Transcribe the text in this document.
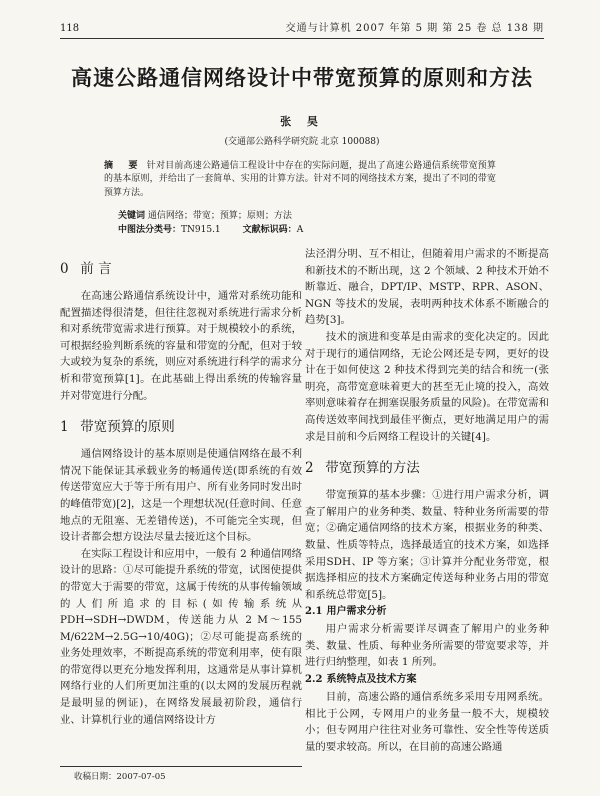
118	交通与计算机 2007 年第 5 期 第 25 卷 总 138 期
高速公路通信网络设计中带宽预算的原则和方法
张 昊
(交通部公路科学研究院 北京 100088)
摘 要 针对目前高速公路通信工程设计中存在的实际问题，提出了高速公路通信系统带宽预算的基本原则，并给出了一套简单、实用的计算方法。针对不同的网络技术方案，提出了不同的带宽预算方法。
关键词 通信网络；带宽；预算；原则；方法
中图法分类号：TN915.1 文献标识码：A
0 前 言

在高速公路通信系统设计中，通常对系统功能和配置描述得很清楚，但往往忽视对系统进行需求分析和对系统带宽需求进行预算。对于规模较小的系统，可根据经验判断系统的容量和带宽的分配，但对于较大或较为复杂的系统，则应对系统进行科学的需求分析和带宽预算[1]。在此基础上得出系统的传输容量并对带宽进行分配。

1 带宽预算的原则

通信网络设计的基本原则是使通信网络在最不利情况下能保证其承载业务的畅通传送(即系统的有效传送带宽应大于等于所有用户、所有业务同时发出时的峰值带宽)[2]，这是一个理想状况(任意时间、任意地点的无阻塞、无差错传送)，不可能完全实现，但设计者都会想方设法尽量去接近这个目标。

在实际工程设计和应用中，一般有 2 种通信网络设计的思路：①尽可能提升系统的带宽，试图使提供的带宽大于需要的带宽，这属于传统的从事传输领域的人们所追求的目标(如传输系统从 PDH→SDH→DWDM，传送能力从 2 M～155 M/622M→2.5G→10/40G)；②尽可能提高系统的业务处理效率，不断提高系统的带宽利用率，使有限的带宽得以更充分地发挥利用，这通常是从事计算机网络行业的人们所更加注重的(以太网的发展历程就是最明显的例证)，在网络发展最初阶段，通信行业、计算机行业的通信网络设计方

法泾渭分明、互不相让，但随着用户需求的不断提高和新技术的不断出现，这 2 个领域、2 种技术开始不断靠近、融合，DPT/IP、MSTP、RPR、ASON、NGN 等技术的发展，表明两种技术体系不断融合的趋势[3]。

技术的演进和变革是由需求的变化决定的。因此对于现行的通信网络，无论公网还是专网，更好的设计在于如何使这 2 种技术得到完美的结合和统一(张明亮，高带宽意味着更大的甚至无止境的投入，高效率则意味着存在拥塞误服务质量的风险)。在带宽需和高传送效率间找到最佳平衡点，更好地满足用户的需求是目前和今后网络工程设计的关键[4]。

2 带宽预算的方法

带宽预算的基本步骤：①进行用户需求分析，调查了解用户的业务种类、数量、特种业务所需要的带宽；②确定通信网络的技术方案，根据业务的种类、数量、性质等特点，选择最适宜的技术方案，如选择采用SDH、IP 等方案；③计算并分配业务带宽，根据选择相应的技术方案确定传送每种业务占用的带宽和系统总带宽[5]。

2.1 用户需求分析

用户需求分析需要详尽调查了解用户的业务种类、数量、性质、每种业务所需要的带宽要求等，并进行归纳整理，如表 1 所列。

2.2 系统特点及技术方案

目前，高速公路的通信系统多采用专用网系统。相比于公网，专网用户的业务量一般不大，规模较小；但专网用户往往对业务可靠性、安全性等传送质量的要求较高。所以，在目前的高速公路通

收稿日期：2007-07-05
